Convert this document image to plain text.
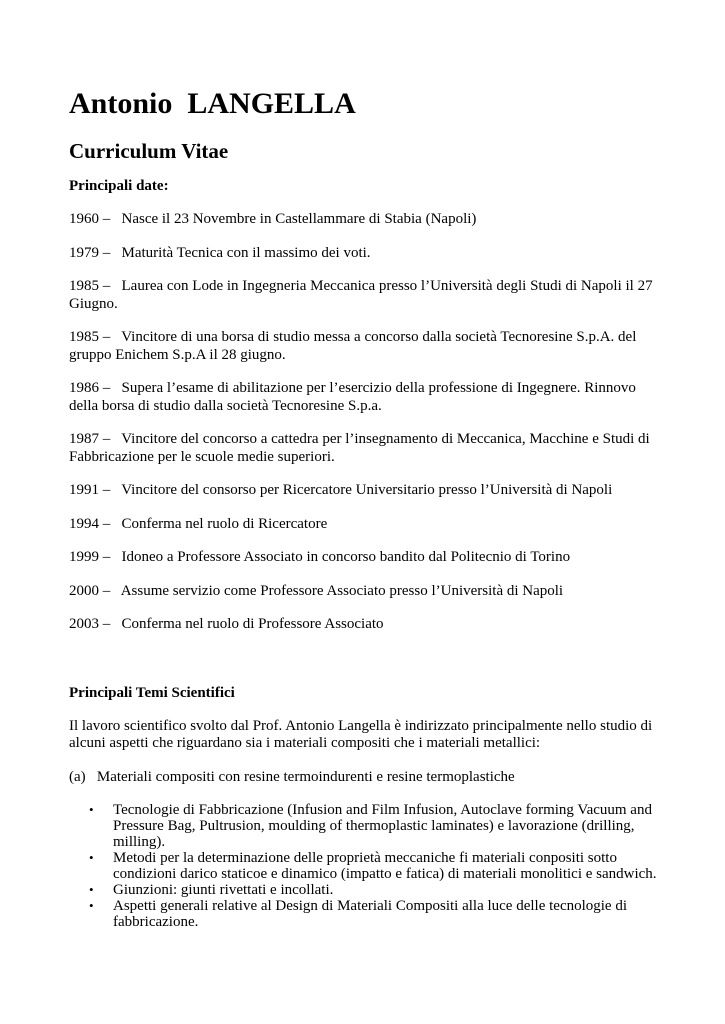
Antonio  LANGELLA
Curriculum Vitae
Principali date:
1960 – Nasce il 23 Novembre in Castellammare di Stabia (Napoli)
1979 – Maturità Tecnica con il massimo dei voti.
1985 – Laurea con Lode in Ingegneria Meccanica presso l’Università degli Studi di Napoli il 27 Giugno.
1985 – Vincitore di una borsa di studio messa a concorso dalla società Tecnoresine S.p.A. del gruppo Enichem S.p.A il 28 giugno.
1986 – Supera l’esame di abilitazione per l’esercizio della professione di Ingegnere. Rinnovo della borsa di studio dalla società Tecnoresine S.p.a.
1987 – Vincitore del concorso a cattedra per l’insegnamento di Meccanica, Macchine e Studi di Fabbricazione per le scuole medie superiori.
1991 – Vincitore del consorso per Ricercatore Universitario presso l’Università di Napoli
1994 – Conferma nel ruolo di Ricercatore
1999 – Idoneo a Professore Associato in concorso bandito dal Politecnio di Torino
2000 – Assume servizio come Professore Associato presso l’Università di Napoli
2003 – Conferma nel ruolo di Professore Associato
Principali Temi Scientifici

Il lavoro scientifico svolto dal Prof. Antonio Langella è indirizzato principalmente nello studio di alcuni aspetti che riguardano sia i materiali compositi che i materiali metallici:

(a)   Materiali compositi con resine termoindurenti e resine termoplastiche
• Tecnologie di Fabbricazione (Infusion and Film Infusion, Autoclave forming Vacuum and Pressure Bag, Pultrusion, moulding of thermoplastic laminates) e lavorazione (drilling, milling).
• Metodi per la determinazione delle proprietà meccaniche fi materiali conpositi sotto condizioni darico staticoe e dinamico (impatto e fatica) di materiali monolitici e sandwich.
• Giunzioni: giunti rivettati e incollati.
• Aspetti generali relative al Design di Materiali Compositi alla luce delle tecnologie di fabbricazione.
